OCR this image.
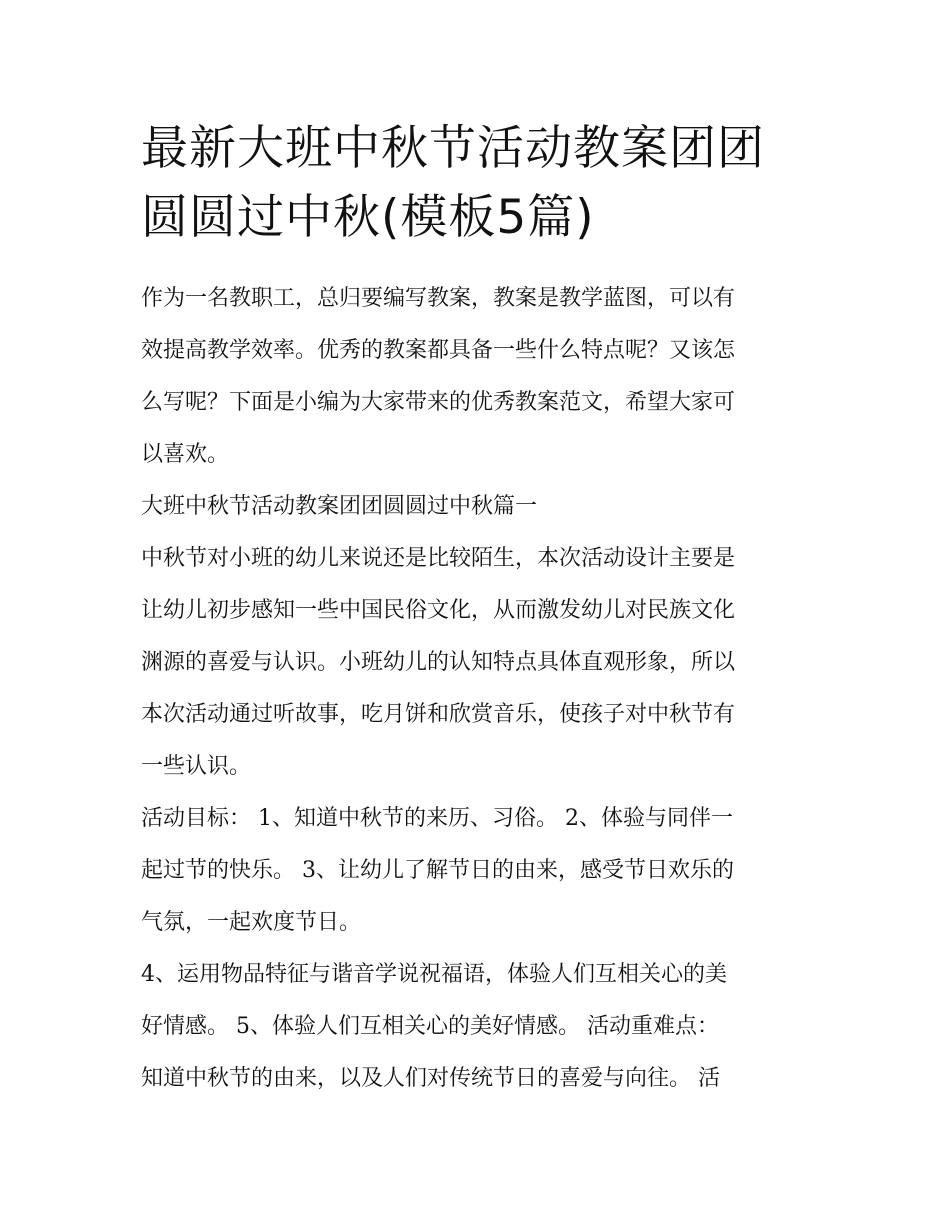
最新大班中秋节活动教案团团
圆圆过中秋(模板5篇)

作为一名教职工，总归要编写教案，教案是教学蓝图，可以有
效提高教学效率。优秀的教案都具备一些什么特点呢？又该怎
么写呢？下面是小编为大家带来的优秀教案范文，希望大家可
以喜欢。

大班中秋节活动教案团团圆圆过中秋篇一

中秋节对小班的幼儿来说还是比较陌生，本次活动设计主要是
让幼儿初步感知一些中国民俗文化，从而激发幼儿对民族文化
渊源的喜爱与认识。小班幼儿的认知特点具体直观形象，所以
本次活动通过听故事，吃月饼和欣赏音乐，使孩子对中秋节有
一些认识。

活动目标： 1、知道中秋节的来历、习俗。 2、体验与同伴一
起过节的快乐。 3、让幼儿了解节日的由来，感受节日欢乐的
气氛，一起欢度节日。

4、运用物品特征与谐音学说祝福语，体验人们互相关心的美
好情感。 5、体验人们互相关心的美好情感。 活动重难点：
知道中秋节的由来，以及人们对传统节日的喜爱与向往。 活
